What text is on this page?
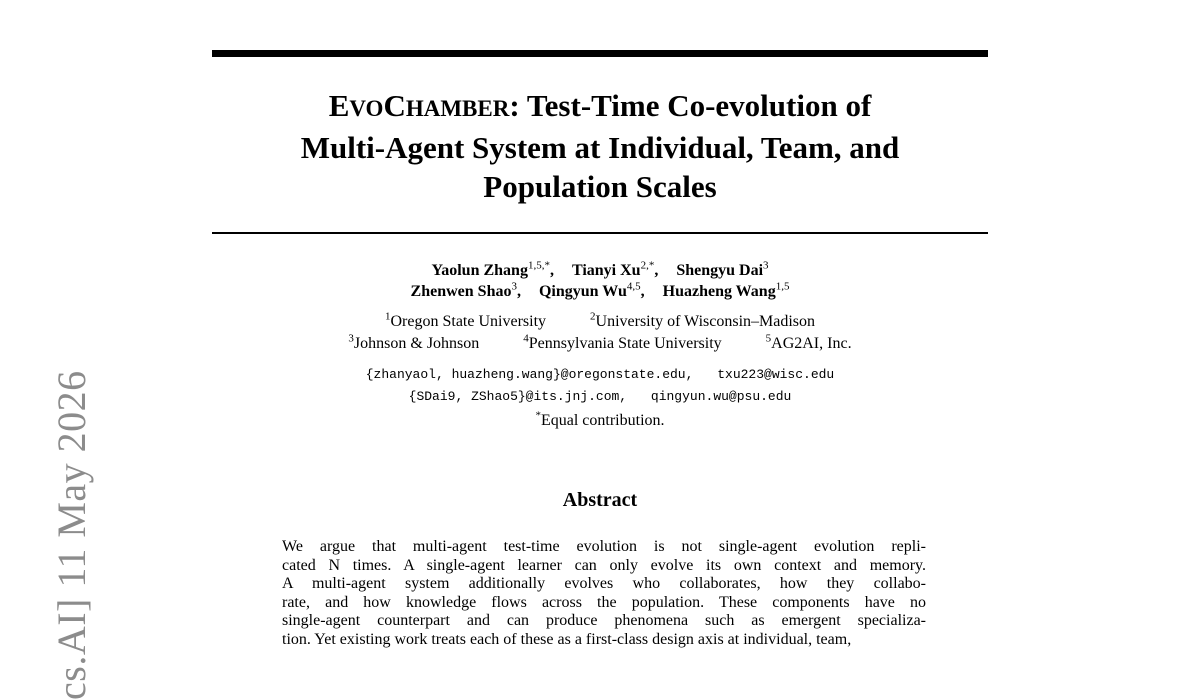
cs.AI] 11 May 2026
EVOCHAMBER: Test-Time Co-evolution of
Multi-Agent System at Individual, Team, and
Population Scales
Yaolun Zhang$^{1,5,*}$, Tianyi $Xu^{2,*}$, Shengyu Dai$^3$
Zhenwen Shao$^3$, Qingyun Wu$^{4,5}$, Huazheng Wang$^{1,5}$
$^1$Oregon State University	$^2$University of Wisconsin–Madison
$^3$Johnson & Johnson	$^4$Pennsylvania State University	$^5$AG2AI, Inc.
{zhanyaol, huazheng.wang}@oregonstate.edu, txu223@wisc.edu
{SDai9, ZShao5}@its.jnj.com, qingyun.wu@psu.edu
*Equal contribution.
Abstract
We argue that multi-agent test-time evolution is not single-agent evolution repli-
cated N times. A single-agent learner can only evolve its own context and memory.
A multi-agent system additionally evolves who collaborates, how they collabo-
rate, and how knowledge flows across the population. These components have no
single-agent counterpart and can produce phenomena such as emergent specializa-
tion. Yet existing work treats each of these as a first-class design axis at individual, team,
